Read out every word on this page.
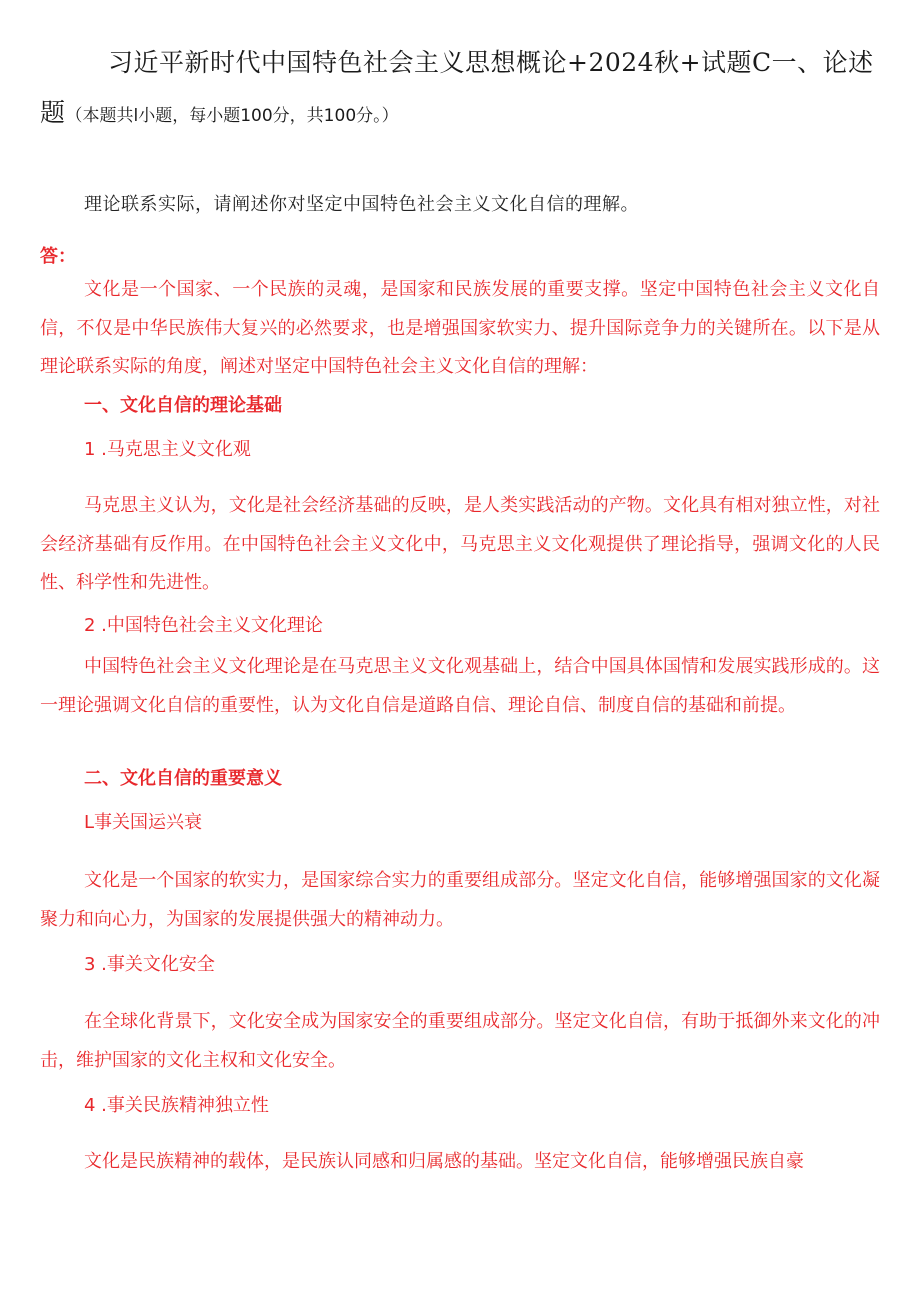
习近平新时代中国特色社会主义思想概论+2024秋+试题C一、论述题（本题共l小题，每小题100分，共100分。）
理论联系实际，请阐述你对坚定中国特色社会主义文化自信的理解。
答：
文化是一个国家、一个民族的灵魂，是国家和民族发展的重要支撑。坚定中国特色社会主义文化自信，不仅是中华民族伟大复兴的必然要求，也是增强国家软实力、提升国际竞争力的关键所在。以下是从理论联系实际的角度，阐述对坚定中国特色社会主义文化自信的理解：
一、文化自信的理论基础
1 .马克思主义文化观
马克思主义认为，文化是社会经济基础的反映，是人类实践活动的产物。文化具有相对独立性，对社会经济基础有反作用。在中国特色社会主义文化中，马克思主义文化观提供了理论指导，强调文化的人民性、科学性和先进性。
2 .中国特色社会主义文化理论
中国特色社会主义文化理论是在马克思主义文化观基础上，结合中国具体国情和发展实践形成的。这一理论强调文化自信的重要性，认为文化自信是道路自信、理论自信、制度自信的基础和前提。
二、文化自信的重要意义
L事关国运兴衰
文化是一个国家的软实力，是国家综合实力的重要组成部分。坚定文化自信，能够增强国家的文化凝聚力和向心力，为国家的发展提供强大的精神动力。
3 .事关文化安全
在全球化背景下，文化安全成为国家安全的重要组成部分。坚定文化自信，有助于抵御外来文化的冲击，维护国家的文化主权和文化安全。
4 .事关民族精神独立性
文化是民族精神的载体，是民族认同感和归属感的基础。坚定文化自信，能够增强民族自豪
